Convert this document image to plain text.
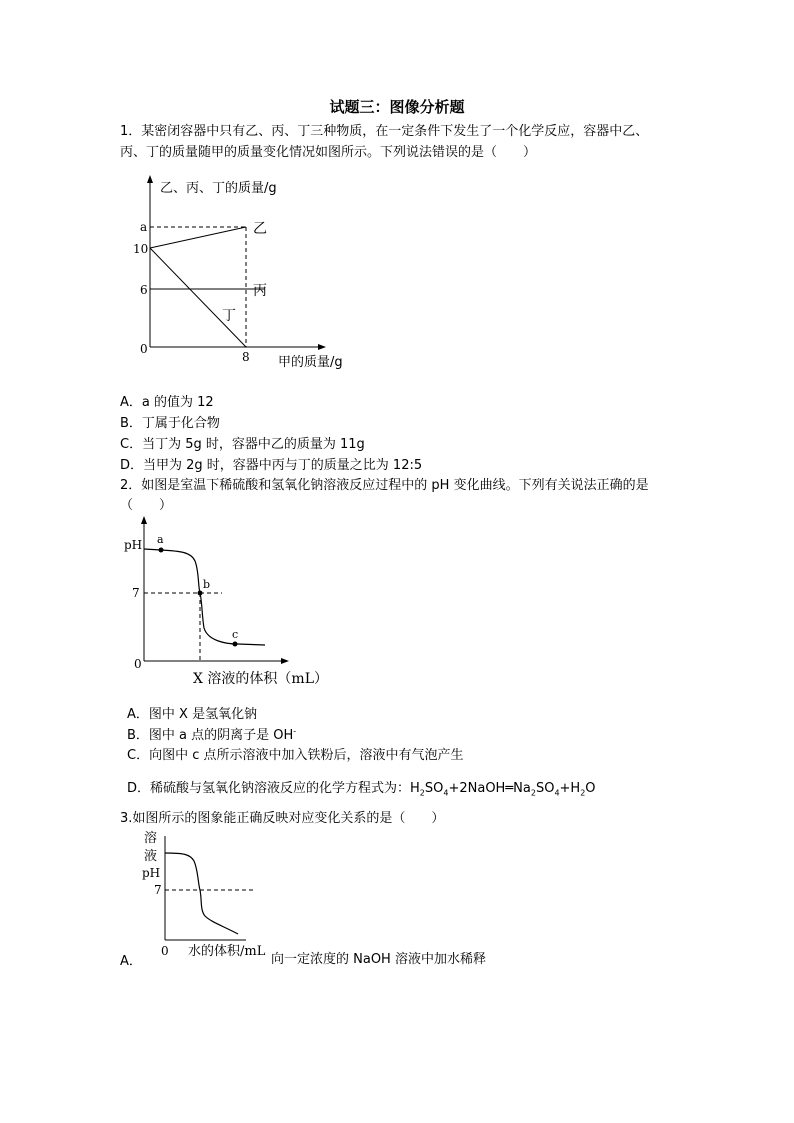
试题三：图像分析题
1．某密闭容器中只有乙、丙、丁三种物质，在一定条件下发生了一个化学反应，容器中乙、
丙、丁的质量随甲的质量变化情况如图所示。下列说法错误的是（　　）
乙、丙、丁的质量/g
a
10
6
0
8
乙
丙
丁
甲的质量/g
A．a 的值为 12
B．丁属于化合物
C．当丁为 5g 时，容器中乙的质量为 11g
D．当甲为 2g 时，容器中丙与丁的质量之比为 12:5
2．如图是室温下稀硫酸和氢氧化钠溶液反应过程中的 pH 变化曲线。下列有关说法正确的是
（　　）
a
b
c
pH
7
0
X 溶液的体积（mL）
A．图中 X 是氢氧化钠
B．图中 a 点的阴离子是 OH-
C．向图中 c 点所示溶液中加入铁粉后，溶液中有气泡产生
D．稀硫酸与氢氧化钠溶液反应的化学方程式为：$H_2SO_4+2NaOH═Na_2SO_4+H_2O$
3.如图所示的图象能正确反映对应变化关系的是（　　）
溶
液
pH
7
0 水的体积/mL
A．	向一定浓度的 NaOH 溶液中加水稀释
